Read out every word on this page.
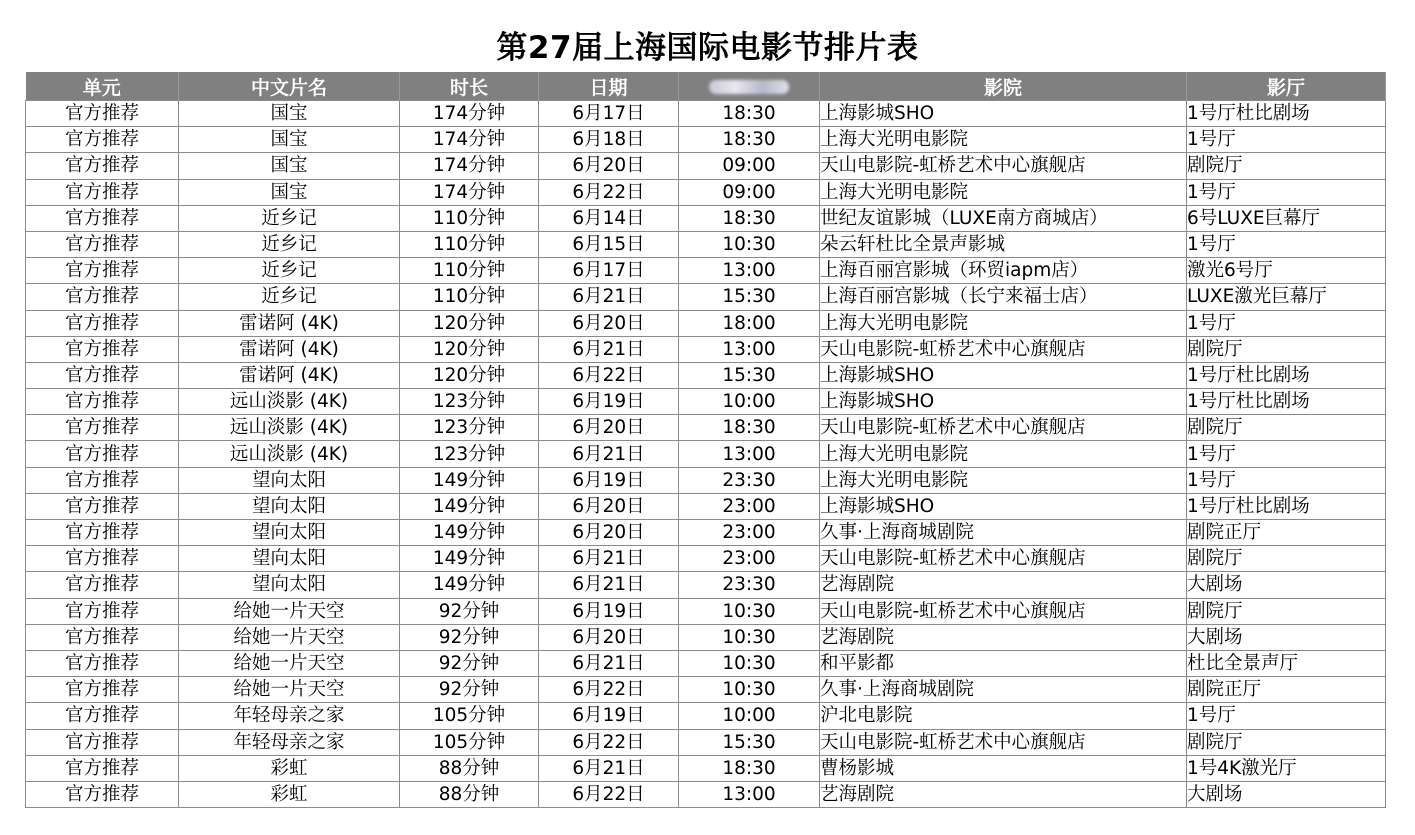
第27届上海国际电影节排片表
单元	中文片名	时长	日期		影院	影厅
官方推荐	国宝	174分钟	6月17日	18:30	上海影城SHO	1号厅杜比剧场
官方推荐	国宝	174分钟	6月18日	18:30	上海大光明电影院	1号厅
官方推荐	国宝	174分钟	6月20日	09:00	天山电影院-虹桥艺术中心旗舰店	剧院厅
官方推荐	国宝	174分钟	6月22日	09:00	上海大光明电影院	1号厅
官方推荐	近乡记	110分钟	6月14日	18:30	世纪友谊影城（LUXE南方商城店）	6号LUXE巨幕厅
官方推荐	近乡记	110分钟	6月15日	10:30	朵云轩杜比全景声影城	1号厅
官方推荐	近乡记	110分钟	6月17日	13:00	上海百丽宫影城（环贸iapm店）	激光6号厅
官方推荐	近乡记	110分钟	6月21日	15:30	上海百丽宫影城（长宁来福士店）	LUXE激光巨幕厅
官方推荐	雷诺阿 (4K)	120分钟	6月20日	18:00	上海大光明电影院	1号厅
官方推荐	雷诺阿 (4K)	120分钟	6月21日	13:00	天山电影院-虹桥艺术中心旗舰店	剧院厅
官方推荐	雷诺阿 (4K)	120分钟	6月22日	15:30	上海影城SHO	1号厅杜比剧场
官方推荐	远山淡影 (4K)	123分钟	6月19日	10:00	上海影城SHO	1号厅杜比剧场
官方推荐	远山淡影 (4K)	123分钟	6月20日	18:30	天山电影院-虹桥艺术中心旗舰店	剧院厅
官方推荐	远山淡影 (4K)	123分钟	6月21日	13:00	上海大光明电影院	1号厅
官方推荐	望向太阳	149分钟	6月19日	23:30	上海大光明电影院	1号厅
官方推荐	望向太阳	149分钟	6月20日	23:00	上海影城SHO	1号厅杜比剧场
官方推荐	望向太阳	149分钟	6月20日	23:00	久事·上海商城剧院	剧院正厅
官方推荐	望向太阳	149分钟	6月21日	23:00	天山电影院-虹桥艺术中心旗舰店	剧院厅
官方推荐	望向太阳	149分钟	6月21日	23:30	艺海剧院	大剧场
官方推荐	给她一片天空	92分钟	6月19日	10:30	天山电影院-虹桥艺术中心旗舰店	剧院厅
官方推荐	给她一片天空	92分钟	6月20日	10:30	艺海剧院	大剧场
官方推荐	给她一片天空	92分钟	6月21日	10:30	和平影都	杜比全景声厅
官方推荐	给她一片天空	92分钟	6月22日	10:30	久事·上海商城剧院	剧院正厅
官方推荐	年轻母亲之家	105分钟	6月19日	10:00	沪北电影院	1号厅
官方推荐	年轻母亲之家	105分钟	6月22日	15:30	天山电影院-虹桥艺术中心旗舰店	剧院厅
官方推荐	彩虹	88分钟	6月21日	18:30	曹杨影城	1号4K激光厅
官方推荐	彩虹	88分钟	6月22日	13:00	艺海剧院	大剧场
